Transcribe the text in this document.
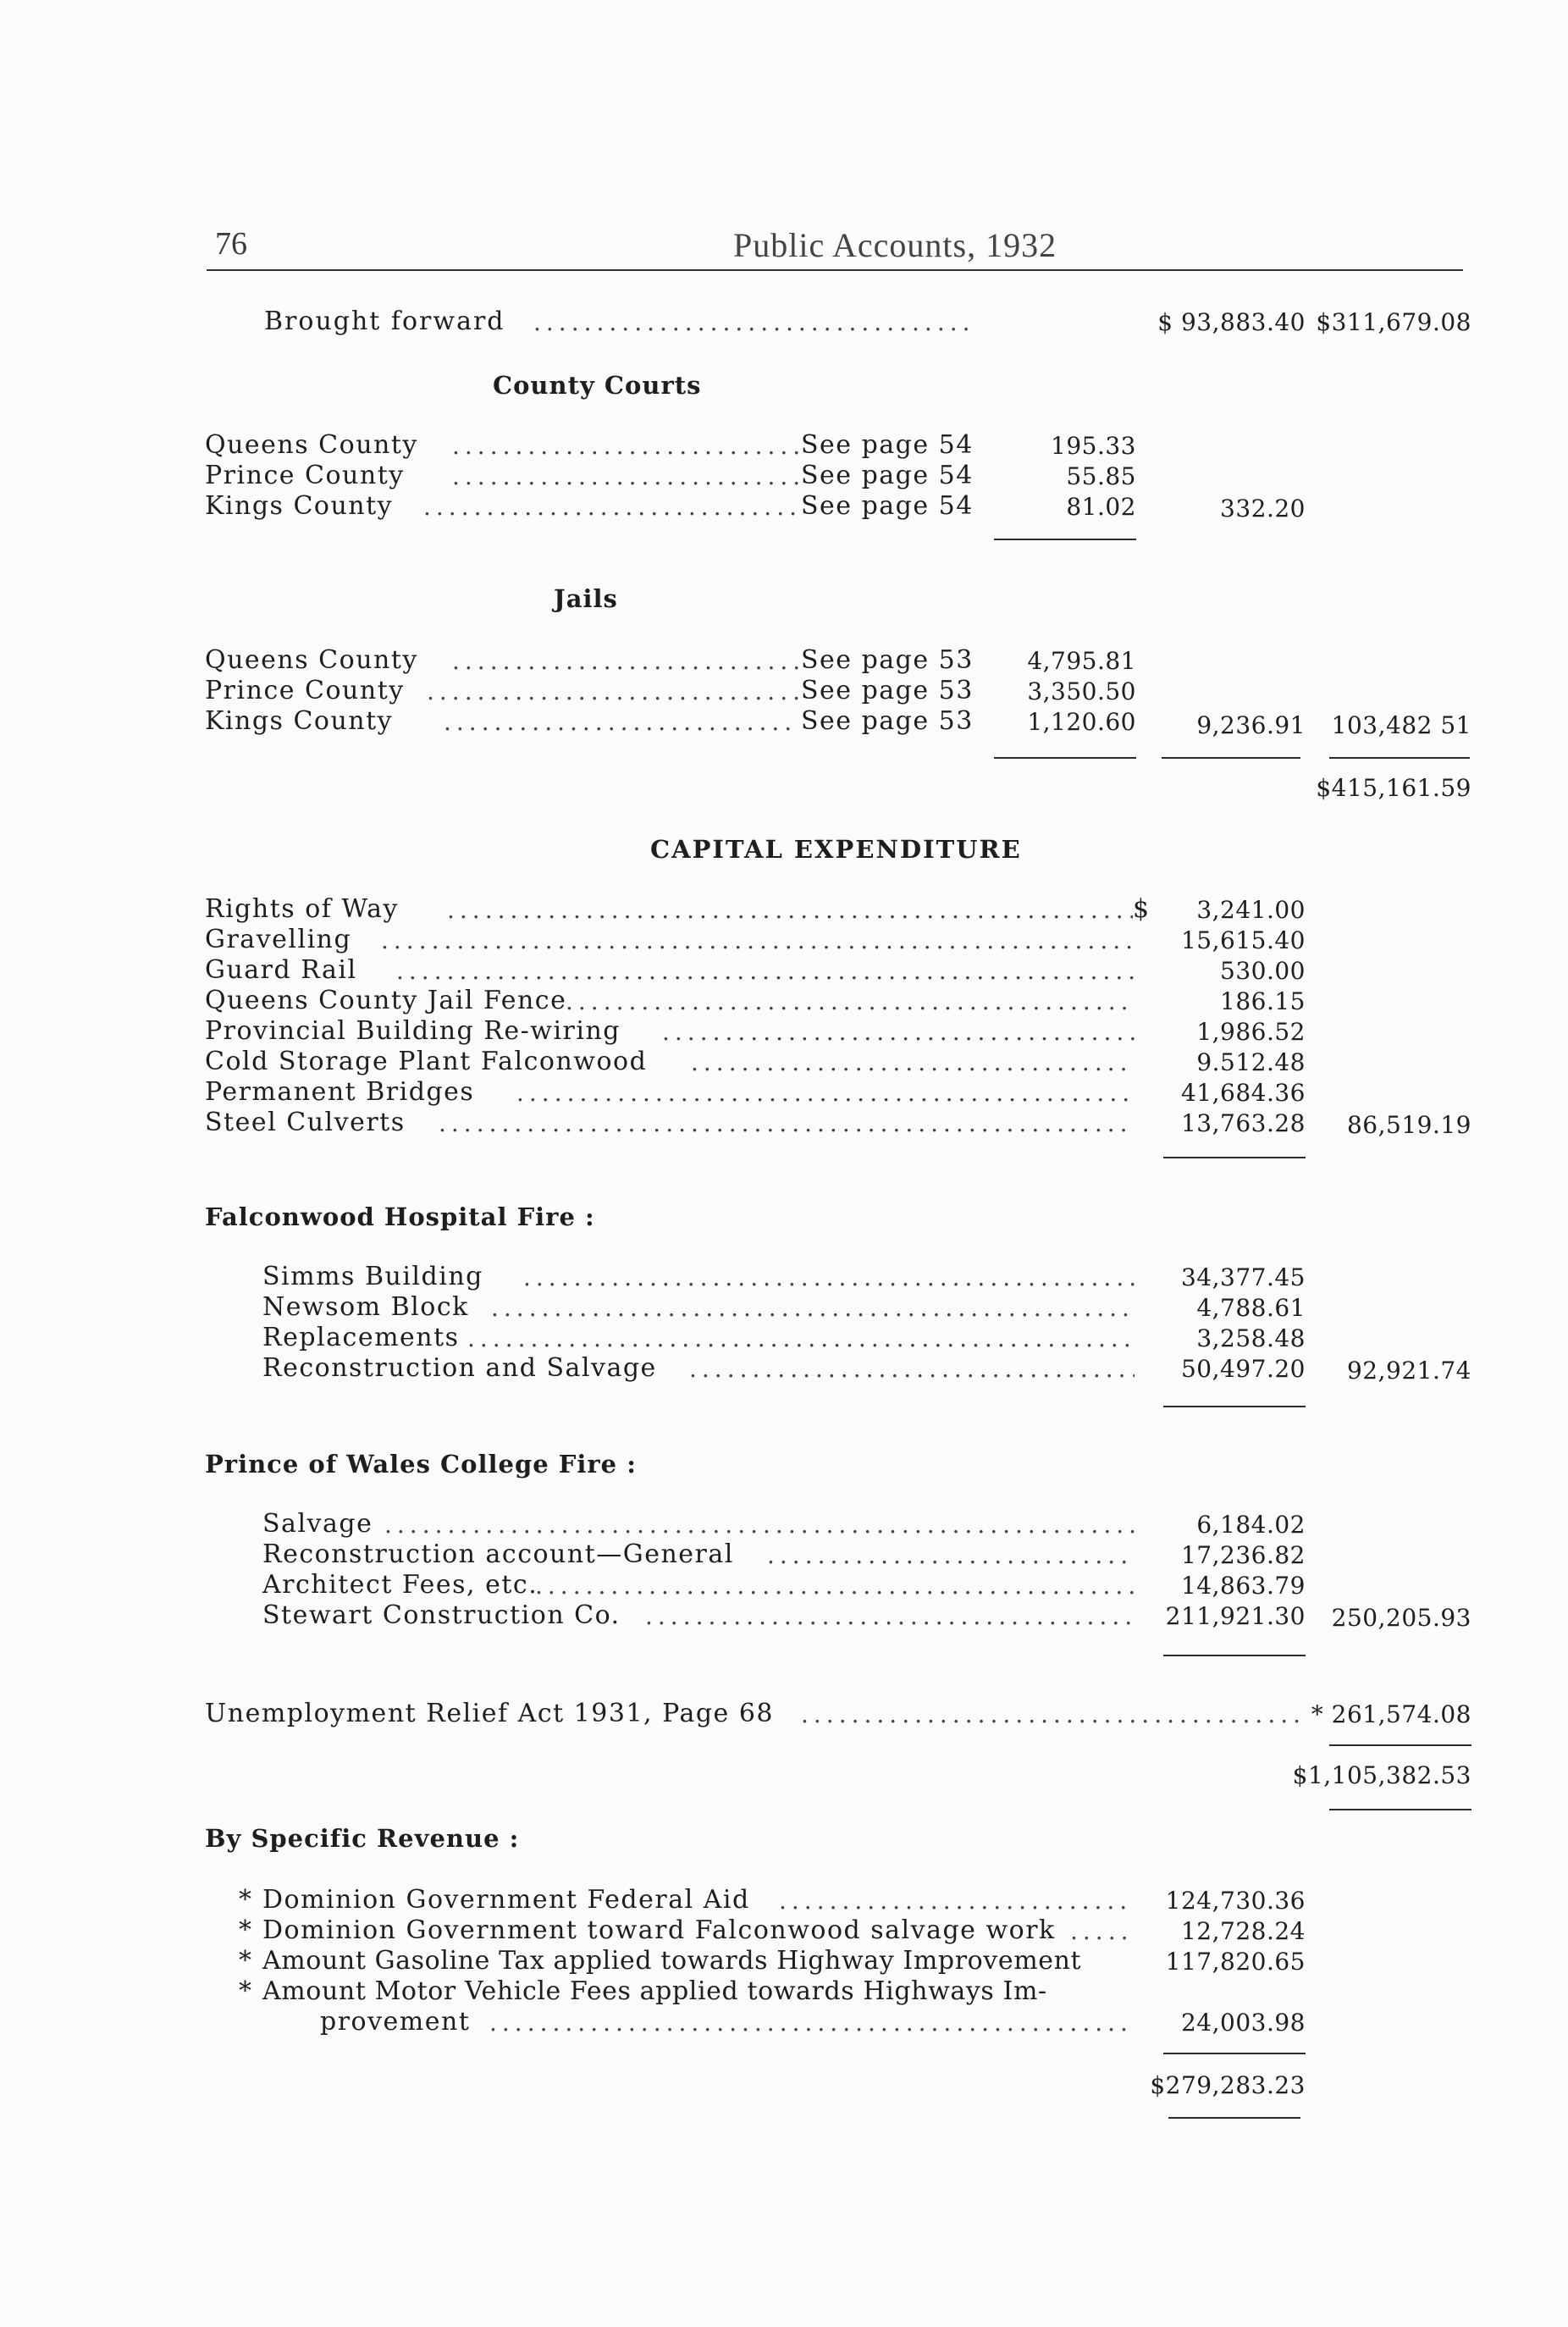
76	Public Accounts, 1932
Brought forward .....	$ 93,883.40 $311,679.08
County Courts
Queens County .....	See page 54	195.33
Prince County .....	See page 54	55.85
Kings County .....	See page 54	81.02	332.20
Jails
Queens County .....	See page 53 4,795.81
Prince County .....	See page 53 3,350.50
Kings County .....	See page 53 1,120.60	9,236.91 103,482 51
$415,161.59
CAPITAL EXPENDITURE
Rights of Way .....	$ 3,241.00
Gravelling .....	15,615.40
Guard Rail .....	530.00
Queens County Jail Fence .....	186.15
Provincial Building Re-wiring .....	1,986.52
Cold Storage Plant Falconwood .....	9.512.48
Permanent Bridges .....	41,684.36
Steel Culverts .....	13,763.28 86,519.19
Falconwood Hospital Fire :
Simms Building .....	34,377.45
Newsom Block .....	4,788.61
Replacements .....	3,258.48
Reconstruction and Salvage .....	50,497.20 92,921.74
Prince of Wales College Fire :
Salvage .....	6,184.02
Reconstruction account—General .....	17,236.82
Architect Fees, etc. .....	14,863.79
Stewart Construction Co. .....	211,921.30 250,205.93
Unemployment Relief Act 1931, Page 68 .....	* 261,574.08
$1,105,382.53
By Specific Revenue :
* Dominion Government Federal Aid .....	124,730.36
* Dominion Government toward Falconwood salvage work .....	12,728.24
* Amount Gasoline Tax applied towards Highway Improvement	117,820.65
* Amount Motor Vehicle Fees applied towards Highways Im-
provement .....	24,003.98
$279,283.23
